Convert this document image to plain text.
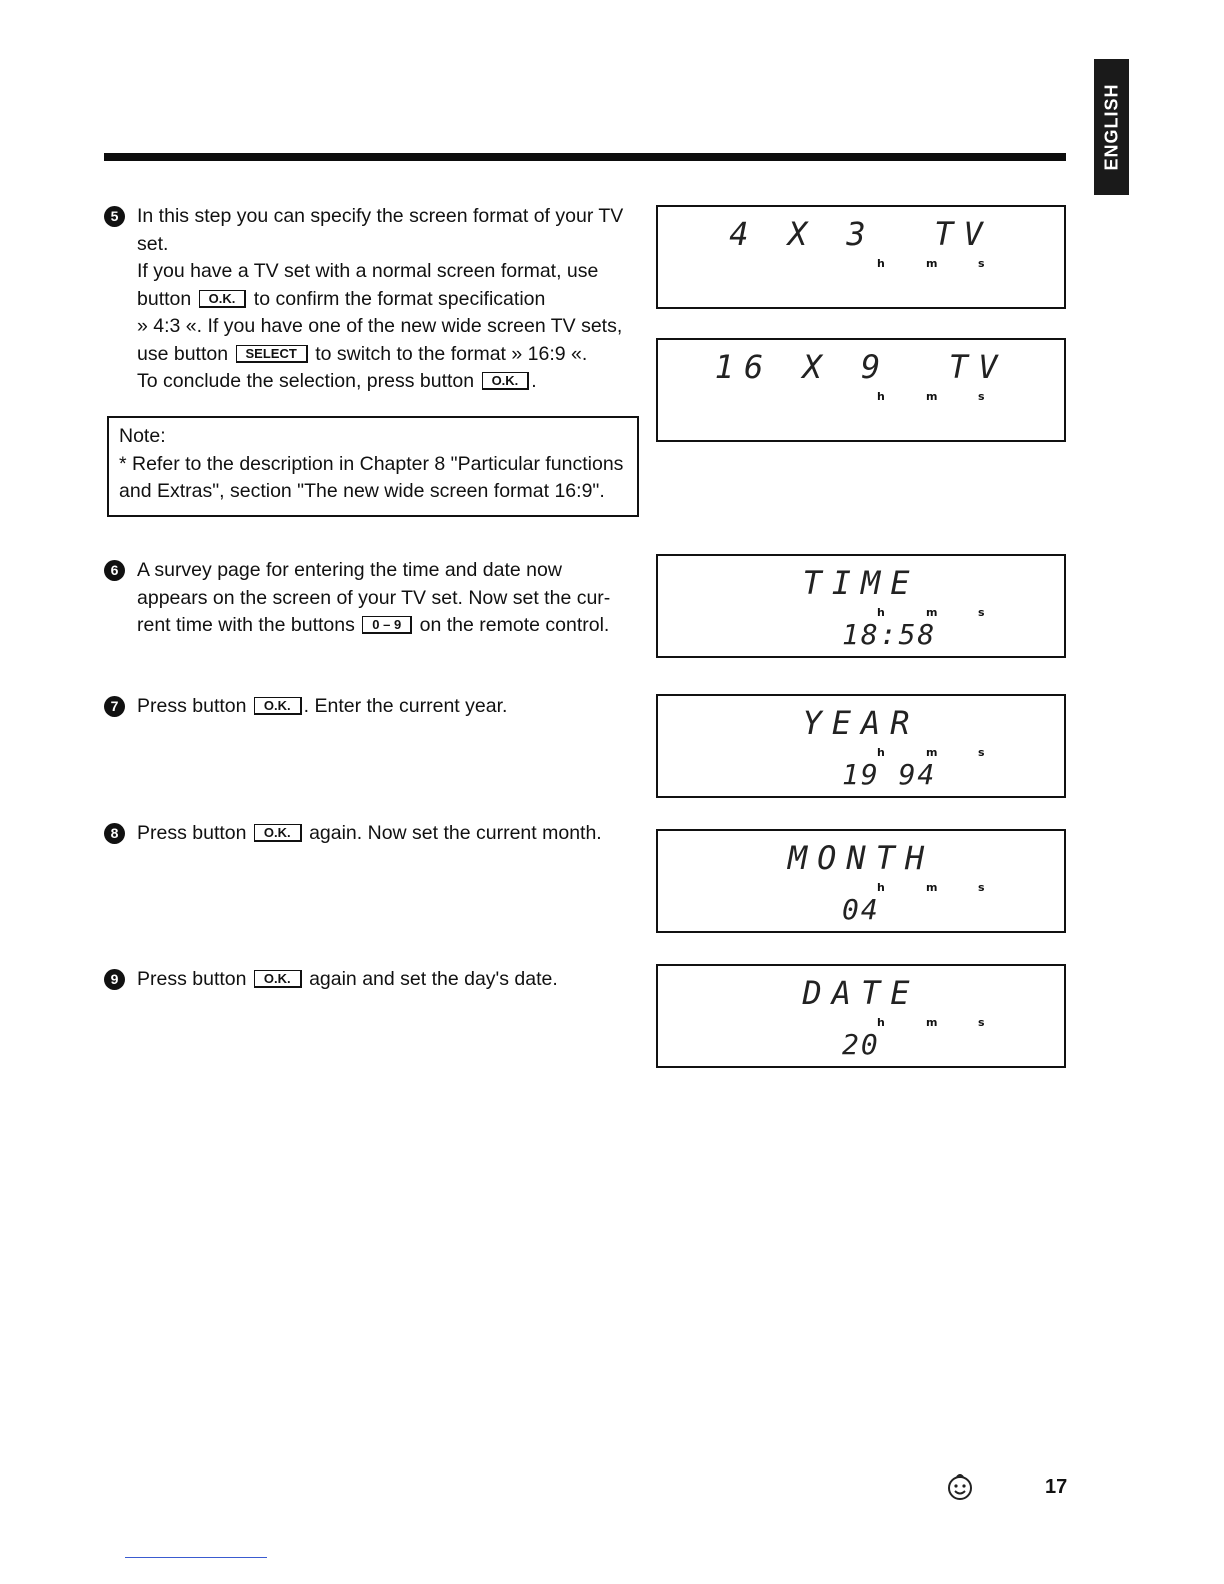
ENGLISH
5 In this step you can specify the screen format of your TV set.
If you have a TV set with a normal screen format, use button O.K. to confirm the format specification
» 4:3 «. If you have one of the new wide screen TV sets, use button SELECT to switch to the format » 16:9 «.
To conclude the selection, press button O.K. .
Note:
* Refer to the description in Chapter 8 "Particular functions and Extras", section "The new wide screen format 16:9".
6 A survey page for entering the time and date now appears on the screen of your TV set. Now set the cur- rent time with the buttons 0 – 9 on the remote control.
7 Press button O.K. . Enter the current year.
8 Press button O.K. again. Now set the current month.
9 Press button O.K. again and set the day's date.
4 X 3  TV
h	m	s
16 X 9  TV
h	m	s
TIME
h	m	s
18:58
YEAR
h	m	s
19 94
MONTH
h	m	s
04
DATE
h	m	s
20
17
